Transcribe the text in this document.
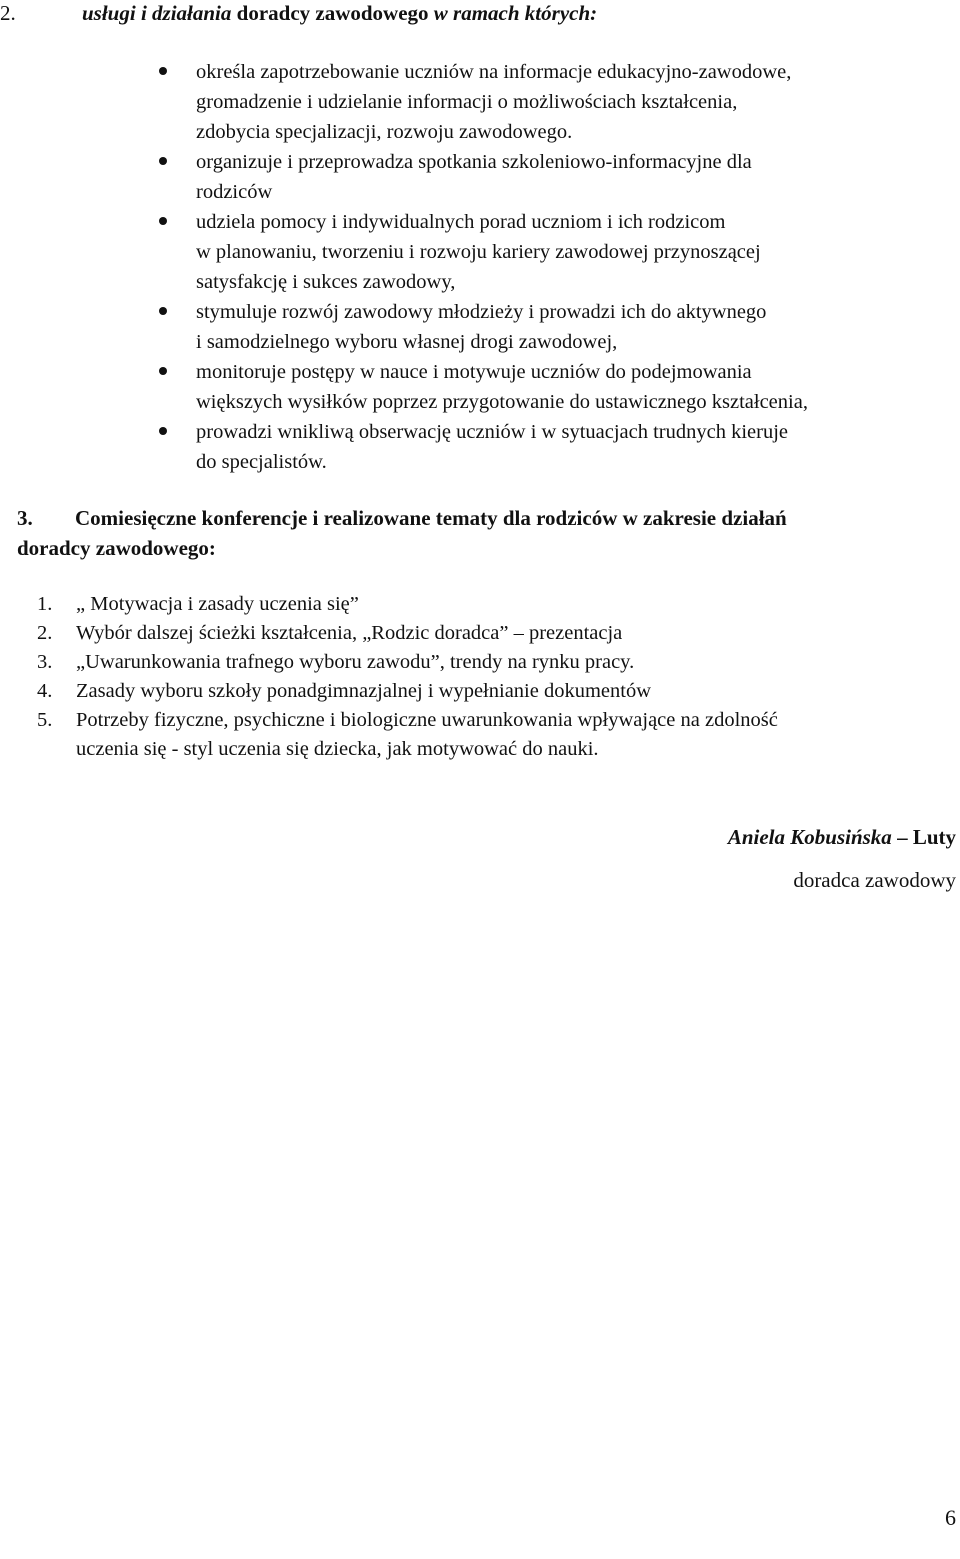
2.	usługi i działania doradcy zawodowego w ramach których:
określa zapotrzebowanie uczniów na informacje edukacyjno-zawodowe,
gromadzenie i udzielanie informacji o możliwościach kształcenia,
zdobycia specjalizacji, rozwoju zawodowego.
organizuje i przeprowadza spotkania szkoleniowo-informacyjne dla
rodziców
udziela pomocy i indywidualnych porad uczniom i ich rodzicom
w planowaniu, tworzeniu i rozwoju kariery zawodowej przynoszącej
satysfakcję i sukces zawodowy,
stymuluje rozwój zawodowy młodzieży i prowadzi ich do aktywnego
i samodzielnego wyboru własnej drogi zawodowej,
monitoruje postępy w nauce i motywuje uczniów do podejmowania
większych wysiłków poprzez przygotowanie do ustawicznego kształcenia,
prowadzi wnikliwą obserwację uczniów i w sytuacjach trudnych kieruje
do specjalistów.
3. Comiesięczne konferencje i realizowane tematy dla rodziców w zakresie działań
doradcy zawodowego:
1. „ Motywacja i zasady uczenia się”
2. Wybór dalszej ścieżki kształcenia, „Rodzic doradca” – prezentacja
3. „Uwarunkowania trafnego wyboru zawodu”, trendy na rynku pracy.
4. Zasady wyboru szkoły ponadgimnazjalnej i wypełnianie dokumentów
5. Potrzeby fizyczne, psychiczne i biologiczne uwarunkowania wpływające na zdolność
uczenia się - styl uczenia się dziecka, jak motywować do nauki.
Aniela Kobusińska – Luty
doradca zawodowy
6
